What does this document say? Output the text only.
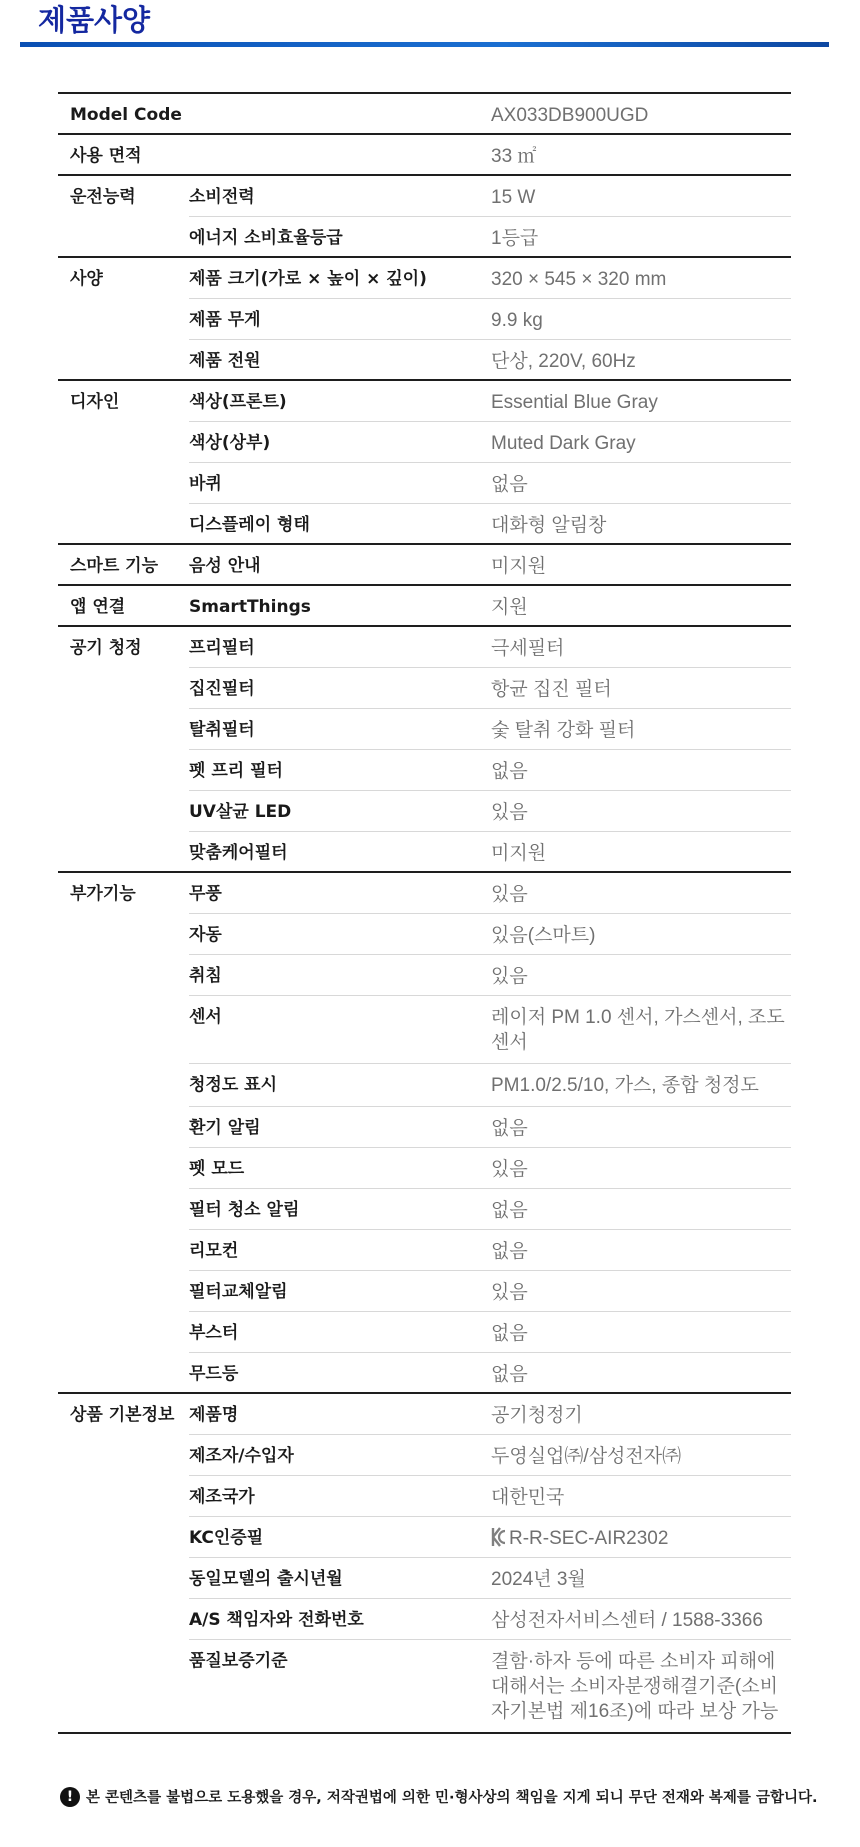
제품사양
Model Code		AX033DB900UGD
사용 면적		33 ㎡
운전능력	소비전력	15 W
	에너지 소비효율등급	1등급
사양	제품 크기(가로 × 높이 × 깊이)	320 × 545 × 320 mm
	제품 무게	9.9 kg
	제품 전원	단상, 220V, 60Hz
디자인	색상(프론트)	Essential Blue Gray
	색상(상부)	Muted Dark Gray
	바퀴	없음
	디스플레이 형태	대화형 알림창
스마트 기능	음성 안내	미지원
앱 연결	SmartThings	지원
공기 청정	프리필터	극세필터
	집진필터	항균 집진 필터
	탈취필터	숯 탈취 강화 필터
	펫 프리 필터	없음
	UV살균 LED	있음
	맞춤케어필터	미지원
부가기능	무풍	있음
	자동	있음(스마트)
	취침	있음
	센서	레이저 PM 1.0 센서, 가스센서, 조도센서
	청정도 표시	PM1.0/2.5/10, 가스, 종합 청정도
	환기 알림	없음
	펫 모드	있음
	필터 청소 알림	없음
	리모컨	없음
	필터교체알림	있음
	부스터	없음
	무드등	없음
상품 기본정보	제품명	공기청정기
	제조자/수입자	두영실업㈜/삼성전자㈜
	제조국가	대한민국
	KC인증필	R-R-SEC-AIR2302
	동일모델의 출시년월	2024년 3월
	A/S 책임자와 전화번호	삼성전자서비스센터 / 1588-3366
	품질보증기준	결함·하자 등에 따른 소비자 피해에 대해서는 소비자분쟁해결기준(소비자기본법 제16조)에 따라 보상 가능
! 본 콘텐츠를 불법으로 도용했을 경우, 저작권법에 의한 민·형사상의 책임을 지게 되니 무단 전재와 복제를 금합니다.
